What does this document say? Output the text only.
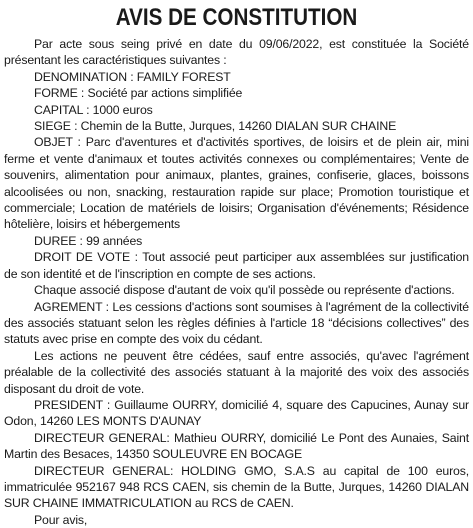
AVIS DE CONSTITUTION

Par acte sous seing privé en date du 09/06/2022, est constituée la Société présentant les caractéristiques suivantes :

DENOMINATION : FAMILY FOREST

FORME : Société par actions simplifiée

CAPITAL : 1000 euros

SIEGE : Chemin de la Butte, Jurques, 14260 DIALAN SUR CHAINE

OBJET : Parc d'aventures et d'activités sportives, de loisirs et de plein air, mini ferme et vente d'animaux et toutes activités connexes ou complémentaires; Vente de souvenirs, alimentation pour animaux, plantes, graines, confiserie, glaces, boissons alcoolisées ou non, snacking, restauration rapide sur place; Promotion touristique et commerciale; Location de matériels de loisirs; Organisation d'événements; Résidence hôtelière, loisirs et hébergements

DUREE : 99 années

DROIT DE VOTE : Tout associé peut participer aux assemblées sur justification de son identité et de l'inscription en compte de ses actions.

Chaque associé dispose d'autant de voix qu'il possède ou représente d'actions.

AGREMENT : Les cessions d'actions sont soumises à l'agrément de la collectivité des associés statuant selon les règles définies à l'article 18 “décisions collectives” des statuts avec prise en compte des voix du cédant.

Les actions ne peuvent être cédées, sauf entre associés, qu'avec l'agrément préalable de la collectivité des associés statuant à la majorité des voix des associés disposant du droit de vote.

PRESIDENT : Guillaume OURRY, domicilié 4, square des Capucines, Aunay sur Odon, 14260 LES MONTS D'AUNAY

DIRECTEUR GENERAL: Mathieu OURRY, domicilié Le Pont des Aunaies, Saint Martin des Besaces, 14350 SOULEUVRE EN BOCAGE

DIRECTEUR GENERAL: HOLDING GMO, S.A.S au capital de 100 euros, immatriculée 952167 948 RCS CAEN, sis chemin de la Butte, Jurques, 14260 DIALAN SUR CHAINE IMMATRICULATION au RCS de CAEN.

Pour avis,
